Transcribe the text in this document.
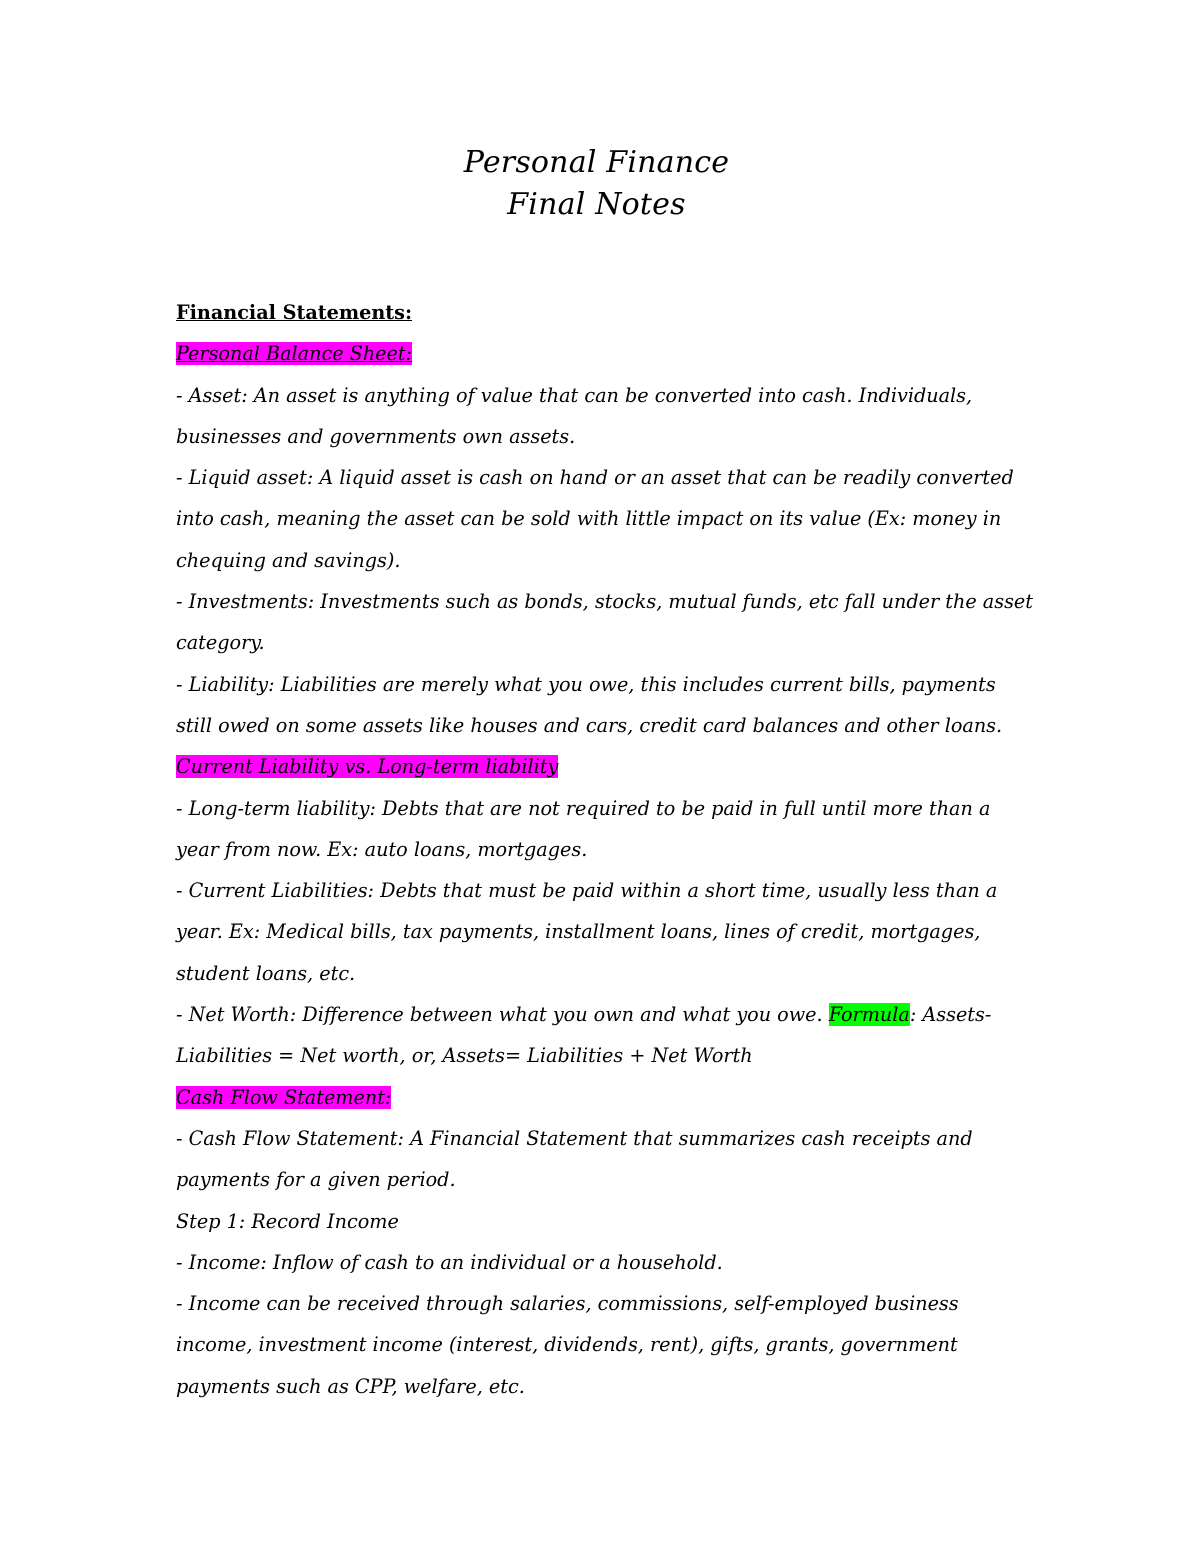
Personal Finance
Final Notes
Financial Statements:
Personal Balance Sheet:
- Asset: An asset is anything of value that can be converted into cash. Individuals,
businesses and governments own assets.
- Liquid asset: A liquid asset is cash on hand or an asset that can be readily converted
into cash, meaning the asset can be sold with little impact on its value (Ex: money in
chequing and savings).
- Investments: Investments such as bonds, stocks, mutual funds, etc fall under the asset
category.
- Liability: Liabilities are merely what you owe, this includes current bills, payments
still owed on some assets like houses and cars, credit card balances and other loans.
Current Liability vs. Long-term liability
- Long-term liability: Debts that are not required to be paid in full until more than a
year from now. Ex: auto loans, mortgages.
- Current Liabilities: Debts that must be paid within a short time, usually less than a
year. Ex: Medical bills, tax payments, installment loans, lines of credit, mortgages,
student loans, etc.
- Net Worth: Difference between what you own and what you owe. Formula: Assets-
Liabilities = Net worth, or, Assets= Liabilities + Net Worth
Cash Flow Statement:
- Cash Flow Statement: A Financial Statement that summarizes cash receipts and
payments for a given period.
Step 1: Record Income
- Income: Inflow of cash to an individual or a household.
- Income can be received through salaries, commissions, self-employed business
income, investment income (interest, dividends, rent), gifts, grants, government
payments such as CPP, welfare, etc.
